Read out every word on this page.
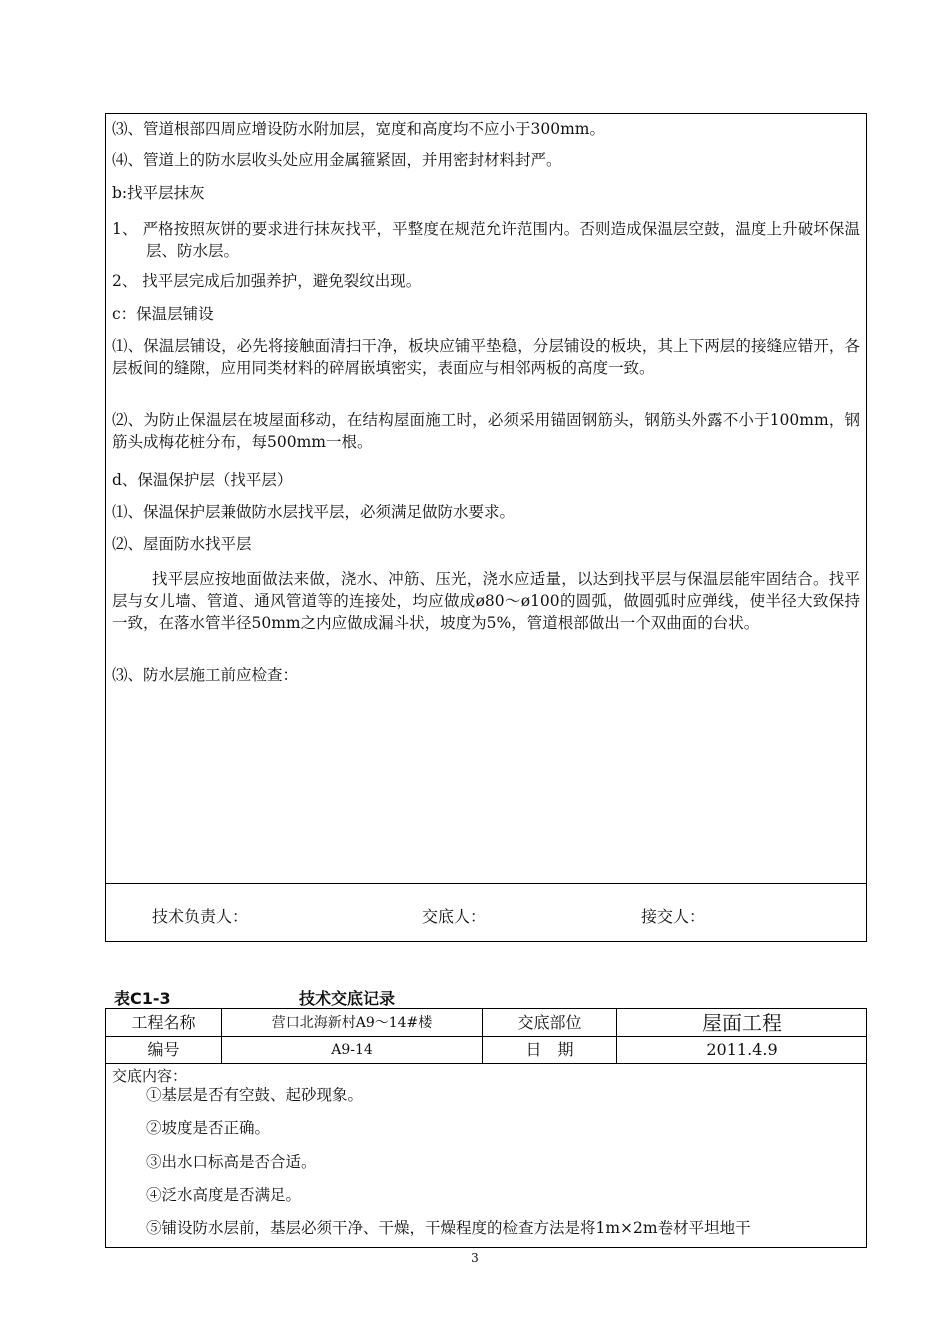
⑶、管道根部四周应增设防水附加层，宽度和高度均不应小于300mm。
⑷、管道上的防水层收头处应用金属箍紧固，并用密封材料封严。
b:找平层抹灰
1、 严格按照灰饼的要求进行抹灰找平，平整度在规范允许范围内。否则造成保温层空鼓，温度上升破坏保温层、防水层。
2、 找平层完成后加强养护，避免裂纹出现。
c：保温层铺设
⑴、保温层铺设，必先将接触面清扫干净，板块应铺平垫稳，分层铺设的板块，其上下两层的接缝应错开，各层板间的缝隙，应用同类材料的碎屑嵌填密实，表面应与相邻两板的高度一致。
⑵、为防止保温层在坡屋面移动，在结构屋面施工时，必须采用锚固钢筋头，钢筋头外露不小于100mm，钢筋头成梅花桩分布，每500mm一根。
d、保温保护层（找平层）
⑴、保温保护层兼做防水层找平层，必须满足做防水要求。
⑵、屋面防水找平层
找平层应按地面做法来做，浇水、冲筋、压光，浇水应适量，以达到找平层与保温层能牢固结合。找平层与女儿墙、管道、通风管道等的连接处，均应做成ø80～ø100的圆弧，做圆弧时应弹线，使半径大致保持一致，在落水管半径50mm之内应做成漏斗状，坡度为5%，管道根部做出一个双曲面的台状。
⑶、防水层施工前应检查：
技术负责人：	交底人：	接交人：
表C1-3	技术交底记录
工程名称	营口北海新村A9～14#楼	交底部位	屋面工程
编号	A9-14	日　期	2011.4.9
交底内容：
①基层是否有空鼓、起砂现象。
②坡度是否正确。
③出水口标高是否合适。
④泛水高度是否满足。
⑤铺设防水层前，基层必须干净、干燥，干燥程度的检查方法是将1m×2m卷材平坦地干
3
